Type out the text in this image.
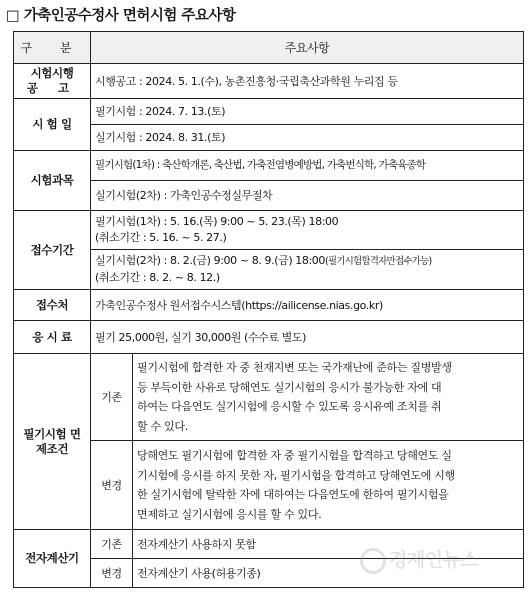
□ 가축인공수정사 면허시험 주요사항
구 분	주요사항	

시험시행
공 고	시행공고 : 2024. 5. 1.(수), 농촌진흥청·국립축산과학원 누리집 등	
시 험 일	필기시험 : 2024. 7. 13.(토)	
	실기시험 : 2024. 8. 31.(토)	
시험과목	필기시험(1차) : 축산학개론, 축산법, 가축전염병예방법, 가축번식학, 가축육종학	
	실기시험(2차) : 가축인공수정실무절차	
접수기간	필기시험(1차) : 5. 16.(목) 9:00 ~ 5. 23.(목) 18:00
(취소기간 : 5. 16. ~ 5. 27.)	

	실기시험(2차) : 8. 2.(금) 9:00 ~ 8. 9.(금) 18:00(필기시험합격자만접수가능)
(취소기간 : 8. 2. ~ 8. 12.)	

접수처	가축인공수정사 원서접수시스템(https://ailicense.nias.go.kr)	
응 시 료	필기 25,000원, 실기 30,000원 (수수료 별도)	

필기시험 면
제조건	기존	필기시험에 합격한 자 중 천재지변 또는 국가재난에 준하는 질병발생
등 부득이한 사유로 당해연도 실기시험의 응시가 불가능한 자에 대
하여는 다음연도 실기시험에 응시할 수 있도록 응시유예 조치를 취
할 수 있다.

	변경	당해연도 필기시험에 합격한 자 중 필기시험을 합격하고 당해연도 실
기시험에 응시를 하지 못한 자, 필기시험을 합격하고 당해연도에 시행
한 실기시험에 탈락한 자에 대하여는 다음연도에 한하여 필기시험을
면제하고 실기시험에 응시를 할 수 있다.

전자계산기	기존	전자계산기 사용하지 못함
	변경	전자계산기 사용(허용기종)
경제인뉴스
